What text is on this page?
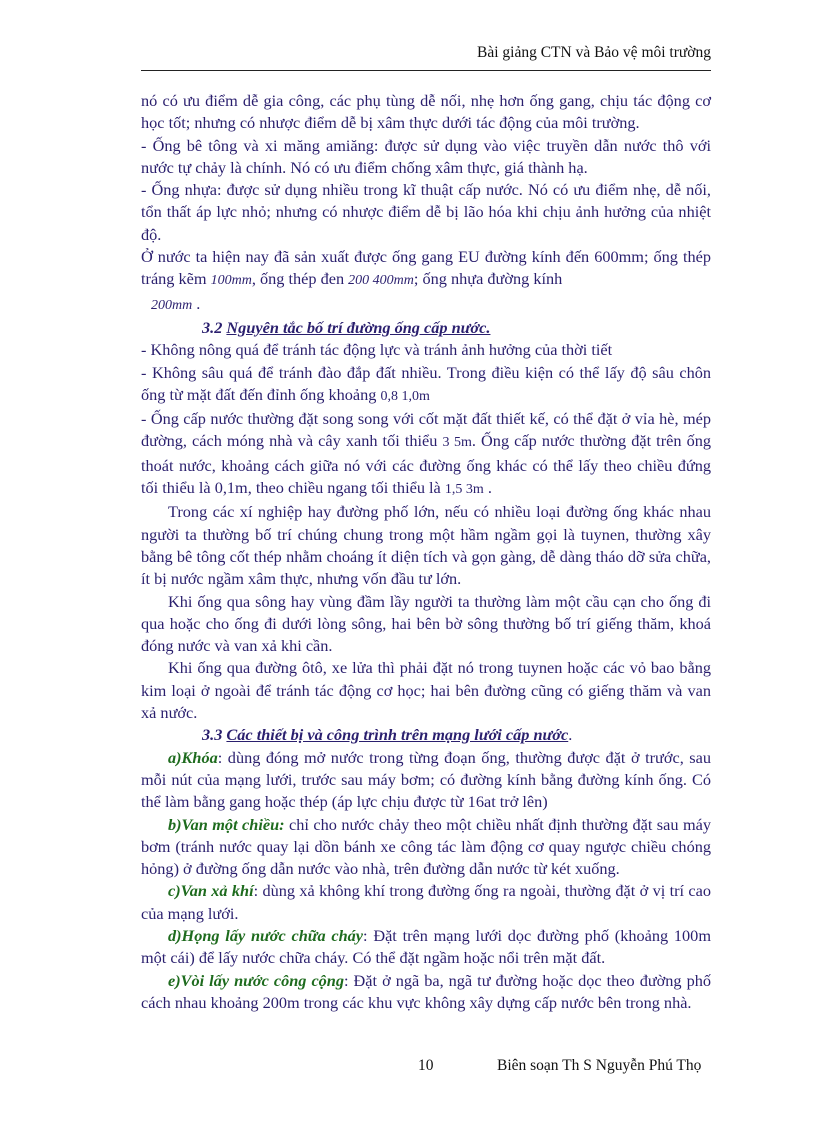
Bài giảng CTN và Bảo vệ môi trường

nó có ưu điểm dễ gia công, các phụ tùng dễ nối, nhẹ hơn ống gang, chịu tác động cơ học tốt; nhưng có nhược điểm dễ bị xâm thực dưới tác động của môi trường.

- Ống bê tông và xi măng amiăng: được sử dụng vào việc truyền dẫn nước thô với nước tự chảy là chính. Nó có ưu điểm chống xâm thực, giá thành hạ.

- Ống nhựa: được sử dụng nhiều trong kĩ thuật cấp nước. Nó có ưu điểm nhẹ, dễ nối, tổn thất áp lực nhỏ; nhưng có nhược điểm dễ bị lão hóa khi chịu ảnh hưởng của nhiệt độ.

Ở nước ta hiện nay đã sản xuất được ống gang EU đường kính đến 600mm; ống thép tráng kẽm 100mm, ống thép đen 200 400mm; ống nhựa đường kính
200mm .

3.2 Nguyên tắc bố trí đường ống cấp nước.

- Không nông quá để tránh tác động lực và tránh ảnh hưởng của thời tiết

- Không sâu quá để tránh đào đắp đất nhiều. Trong điều kiện có thể lấy độ sâu chôn ống từ mặt đất đến đỉnh ống khoảng 0,8 1,0m

- Ống cấp nước thường đặt song song với cốt mặt đất thiết kế, có thể đặt ở vỉa hè, mép đường, cách móng nhà và cây xanh tối thiểu 3 5m. Ống cấp nước thường đặt trên ống thoát nước, khoảng cách giữa nó với các đường ống khác có thể lấy theo chiều đứng tối thiểu là 0,1m, theo chiều ngang tối thiểu là 1,5 3m .

Trong các xí nghiệp hay đường phố lớn, nếu có nhiều loại đường ống khác nhau người ta thường bố trí chúng chung trong một hầm ngầm gọi là tuynen, thường xây bằng bê tông cốt thép nhằm choáng ít diện tích và gọn gàng, dễ dàng tháo dỡ sửa chữa, ít bị nước ngầm xâm thực, nhưng vốn đầu tư lớn.

Khi ống qua sông hay vùng đầm lầy người ta thường làm một cầu cạn cho ống đi qua hoặc cho ống đi dưới lòng sông, hai bên bờ sông thường bố trí giếng thăm, khoá đóng nước và van xả khi cần.

Khi ống qua đường ôtô, xe lửa thì phải đặt nó trong tuynen hoặc các vỏ bao bằng kim loại ở ngoài để tránh tác động cơ học; hai bên đường cũng có giếng thăm và van xả nước.

3.3 Các thiết bị và công trình trên mạng lưới cấp nước.

a)Khóa: dùng đóng mở nước trong từng đoạn ống, thường được đặt ở trước, sau mỗi nút của mạng lưới, trước sau máy bơm; có đường kính bằng đường kính ống. Có thể làm bằng gang hoặc thép (áp lực chịu được từ 16at trở lên)

b)Van một chiều: chỉ cho nước chảy theo một chiều nhất định thường đặt sau máy bơm (tránh nước quay lại dồn bánh xe công tác làm động cơ quay ngược chiều chóng hỏng) ở đường ống dẫn nước vào nhà, trên đường dẫn nước từ két xuống.

c)Van xả khí: dùng xả không khí trong đường ống ra ngoài, thường đặt ở vị trí cao của mạng lưới.

d)Họng lấy nước chữa cháy: Đặt trên mạng lưới dọc đường phố (khoảng 100m một cái) để lấy nước chữa cháy. Có thể đặt ngầm hoặc nổi trên mặt đất.

e)Vòi lấy nước công cộng: Đặt ở ngã ba, ngã tư đường hoặc dọc theo đường phố cách nhau khoảng 200m trong các khu vực không xây dựng cấp nước bên trong nhà.

10	Biên soạn Th S Nguyễn Phú Thọ
